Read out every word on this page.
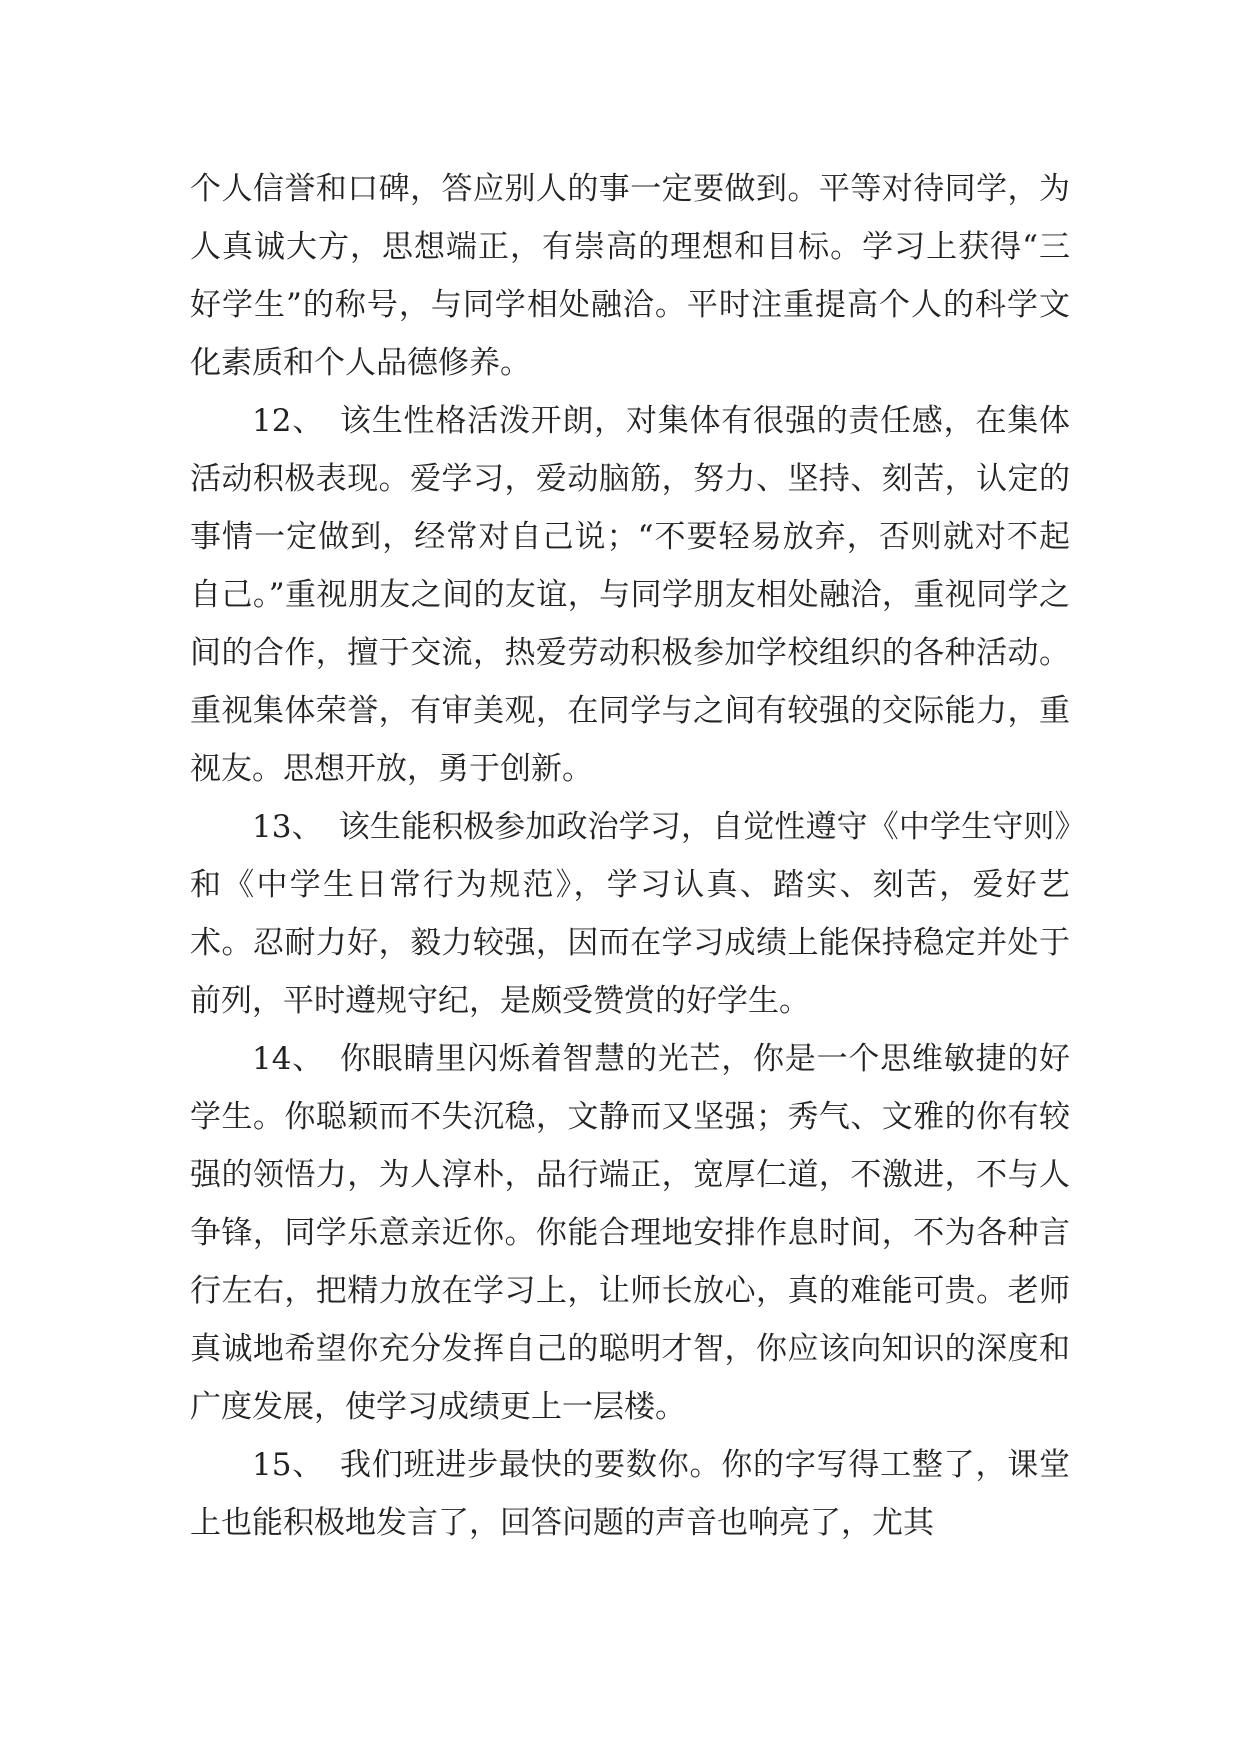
个人信誉和口碑，答应别人的事一定要做到。平等对待同学，为人真诚大方，思想端正，有崇高的理想和目标。学习上获得“三好学生”的称号，与同学相处融洽。平时注重提高个人的科学文化素质和个人品德修养。

12、 该生性格活泼开朗，对集体有很强的责任感，在集体活动积极表现。爱学习，爱动脑筋，努力、坚持、刻苦，认定的事情一定做到，经常对自己说；“不要轻易放弃，否则就对不起自己。”重视朋友之间的友谊，与同学朋友相处融洽，重视同学之间的合作，擅于交流，热爱劳动积极参加学校组织的各种活动。重视集体荣誉，有审美观，在同学与之间有较强的交际能力，重视友。思想开放，勇于创新。

13、 该生能积极参加政治学习，自觉性遵守《中学生守则》和《中学生日常行为规范》，学习认真、踏实、刻苦，爱好艺术。忍耐力好，毅力较强，因而在学习成绩上能保持稳定并处于前列，平时遵规守纪，是颇受赞赏的好学生。

14、 你眼睛里闪烁着智慧的光芒，你是一个思维敏捷的好学生。你聪颖而不失沉稳，文静而又坚强；秀气、文雅的你有较强的领悟力，为人淳朴，品行端正，宽厚仁道，不激进，不与人争锋，同学乐意亲近你。你能合理地安排作息时间，不为各种言行左右，把精力放在学习上，让师长放心，真的难能可贵。老师真诚地希望你充分发挥自己的聪明才智，你应该向知识的深度和广度发展，使学习成绩更上一层楼。

15、 我们班进步最快的要数你。你的字写得工整了，课堂上也能积极地发言了，回答问题的声音也响亮了，尤其
